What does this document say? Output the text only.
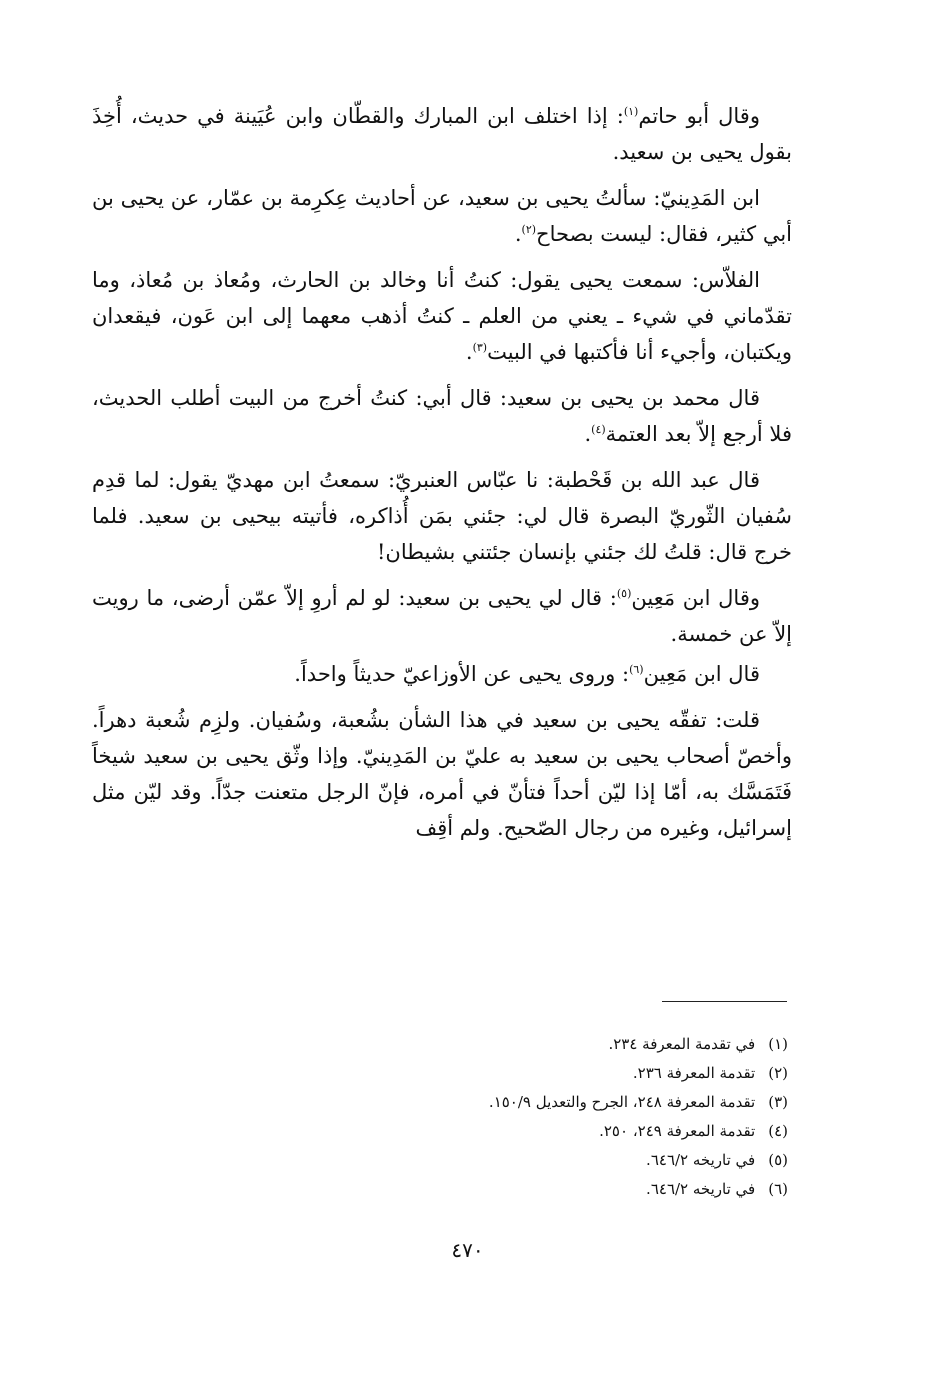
وقال أبو حاتم$^{(١)}$: إذا اختلف ابن المبارك والقطّان وابن عُيَينة في حديث، أُخِذَ بقول يحيى بن سعيد.

ابن المَدِينيّ: سألتُ يحيى بن سعيد، عن أحاديث عِكرِمة بن عمّار، عن يحيى بن أبي كثير، فقال: ليست بصحاح$^{(٢)}$.

الفلاّس: سمعت يحيى يقول: كنتُ أنا وخالد بن الحارث، ومُعاذ بن مُعاذ، وما تقدّماني في شيء ـ يعني من العلم ـ كنتُ أذهب معهما إلى ابن عَون، فيقعدان ويكتبان، وأجيء أنا فأكتبها في البيت$^{(٣)}$.

قال محمد بن يحيى بن سعيد: قال أبي: كنتُ أخرج من البيت أطلب الحديث، فلا أرجع إلاّ بعد العتمة$^{(٤)}$.

قال عبد الله بن قَحْطبة: نا عبّاس العنبريّ: سمعتُ ابن مهديّ يقول: لما قدِم سُفيان الثّوريّ البصرة قال لي: جئني بمَن أُذاكره، فأتيته بيحيى بن سعيد. فلما خرج قال: قلتُ لك جئني بإنسان جئتني بشيطان!

وقال ابن مَعِين$^{(٥)}$: قال لي يحيى بن سعيد: لو لم أروِ إلاّ عمّن أرضى، ما رويت إلاّ عن خمسة.

قال ابن مَعِين$^{(٦)}$: وروى يحيى عن الأوزاعيّ حديثاً واحداً.

قلت: تفقّه يحيى بن سعيد في هذا الشأن بشُعبة، وسُفيان. ولزِم شُعبة دهراً. وأخصّ أصحاب يحيى بن سعيد به عليّ بن المَدِينيّ. وإذا وثّق يحيى بن سعيد شيخاً فَتَمَسَّك به، أمّا إذا ليّن أحداً فتأنّ في أمره، فإنّ الرجل متعنت جدّاً. وقد ليّن مثل إسرائيل، وغيره من رجال الصّحيح. ولم أقِف

(١) في تقدمة المعرفة ٢٣٤.
(٢) تقدمة المعرفة ٢٣٦.
(٣) تقدمة المعرفة ٢٤٨، الجرح والتعديل ١٥٠/٩.
(٤) تقدمة المعرفة ٢٤٩، ٢٥٠.
(٥) في تاريخه ٦٤٦/٢.
(٦) في تاريخه ٦٤٦/٢.
٤٧٠
